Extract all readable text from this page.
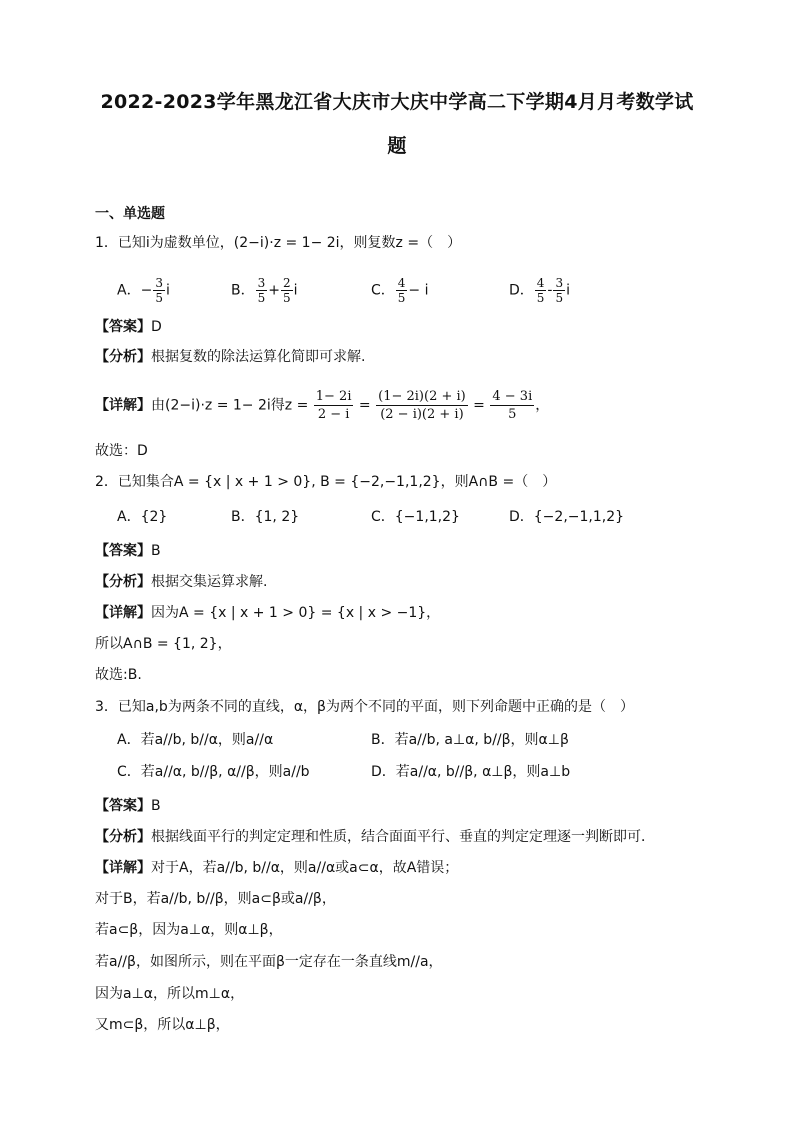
2022-2023学年黑龙江省大庆市大庆中学高二下学期4月月考数学试
题
一、单选题
1．已知i为虚数单位，(2−i)·z = 1− 2i，则复数z =（　）
A．− $\frac{3}{5}$ i	B． $\frac{3}{5} + \frac{2}{5}$ i	C． $\frac{4}{5} - i$	D． $\frac{4}{5} - \frac{3}{5}$ i
【答案】D
【分析】根据复数的除法运算化简即可求解.
【详解】由(2−i)·z = 1− 2i得$z = \frac{1- 2i}{2 - i} = \frac{(1- 2i)(2 + i)}{(2 - i)(2 + i)} = \frac{4 - 3i}{5}$ ，
故选：D
2．已知集合A = {x | x + 1 > 0}, B = {−2,−1,1,2}，则A∩B =（　）
A．{2}	B．{1, 2}	C．{−1,1,2}	D．{−2,−1,1,2}
【答案】B
【分析】根据交集运算求解.
【详解】因为A = {x | x + 1 > 0} = {x | x > −1}，
所以A∩B = {1, 2}，
故选:B.
3．已知a,b为两条不同的直线，α，β为两个不同的平面，则下列命题中正确的是（　）
A．若a//b, b//α，则a//α	B．若a//b, a⊥α, b//β，则α⊥β
C．若a//α, b//β, α//β，则a//b	D．若a//α, b//β, α⊥β，则a⊥b
【答案】B
【分析】根据线面平行的判定定理和性质，结合面面平行、垂直的判定定理逐一判断即可．
【详解】对于A，若a//b, b//α，则a//α或a⊂α，故A错误；
对于B，若a//b, b//β，则a⊂β或a//β，
若a⊂β，因为a⊥α，则α⊥β，
若a//β，如图所示，则在平面β一定存在一条直线m//a，
因为a⊥α，所以m⊥α，
又m⊂β，所以α⊥β，
